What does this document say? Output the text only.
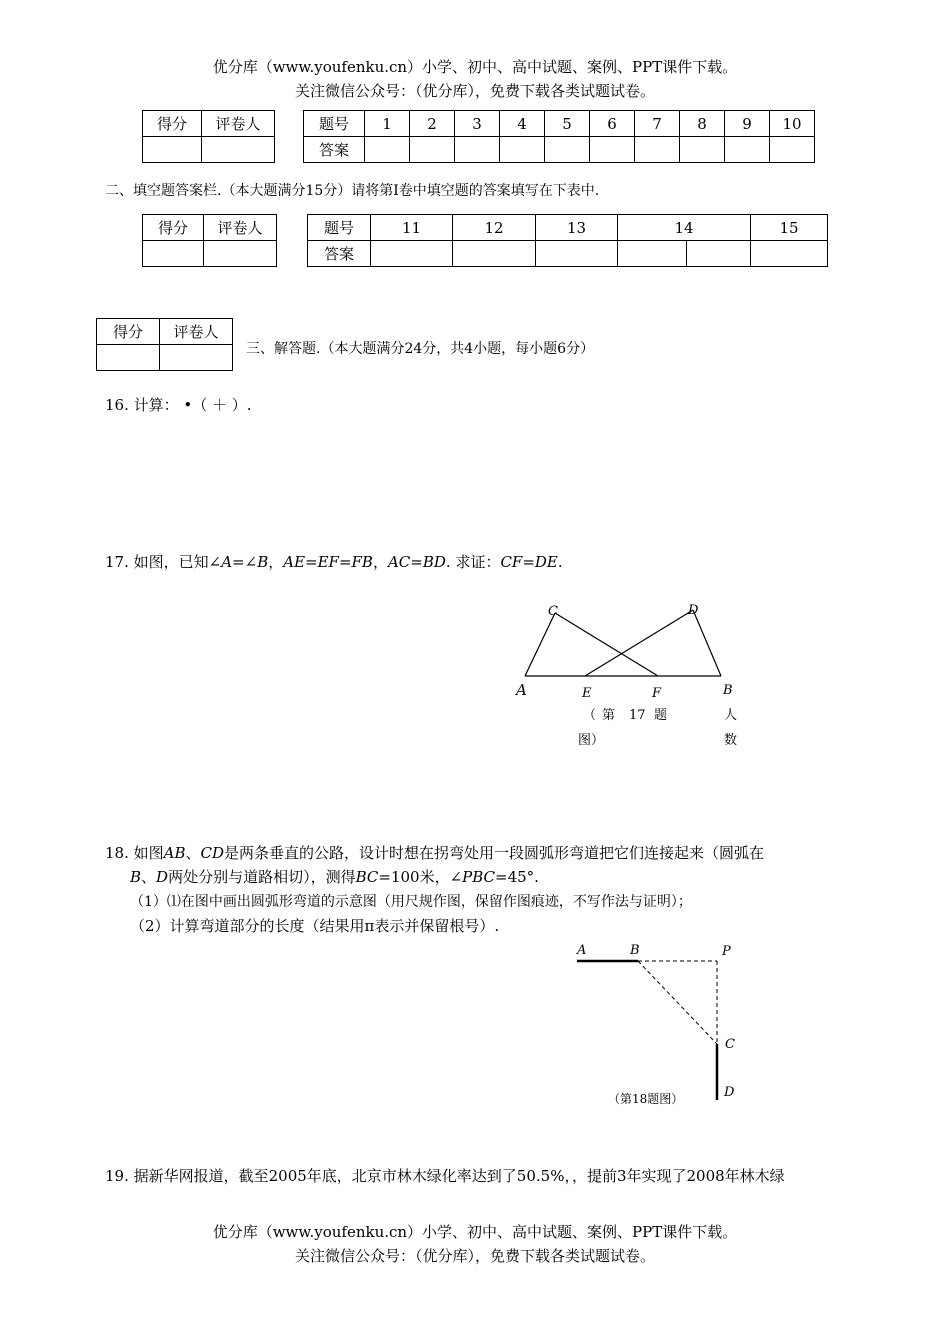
优分库（www.youfenku.cn）小学、初中、高中试题、案例、PPT课件下载。
关注微信公众号：（优分库），免费下载各类试题试卷。
得分	评卷人		题号	1	2	3	4	5	6	7	8	9	10
			答案										
二、填空题答案栏.（本大题满分15分）请将第Ⅰ卷中填空题的答案填写在下表中.
得分	评卷人		题号	11	12	13	14		15
			答案						
得分	评卷人

三、解答题.（本大题满分24分，共4小题，每小题6分）
16. 计算： •（ ＋ ）.
17. 如图，已知∠A=∠B，AE=EF=FB，AC=BD. 求证：CF=DE.
A
C	D
E	F	B
（ 第 17 题
图）
人
数
18. 如图AB、CD是两条垂直的公路，设计时想在拐弯处用一段圆弧形弯道把它们连接起来（圆弧在
B、D两处分别与道路相切），测得BC=100米，∠PBC=45°.
（1）⑴在图中画出圆弧形弯道的示意图（用尺规作图，保留作图痕迹，不写作法与证明）；
（2）计算弯道部分的长度（结果用π表示并保留根号）.
A	B	P
C
D
（第18题图）
19. 据新华网报道，截至2005年底，北京市林木绿化率达到了50.5%，，提前3年实现了2008年林木绿
优分库（www.youfenku.cn）小学、初中、高中试题、案例、PPT课件下载。
关注微信公众号：（优分库），免费下载各类试题试卷。
